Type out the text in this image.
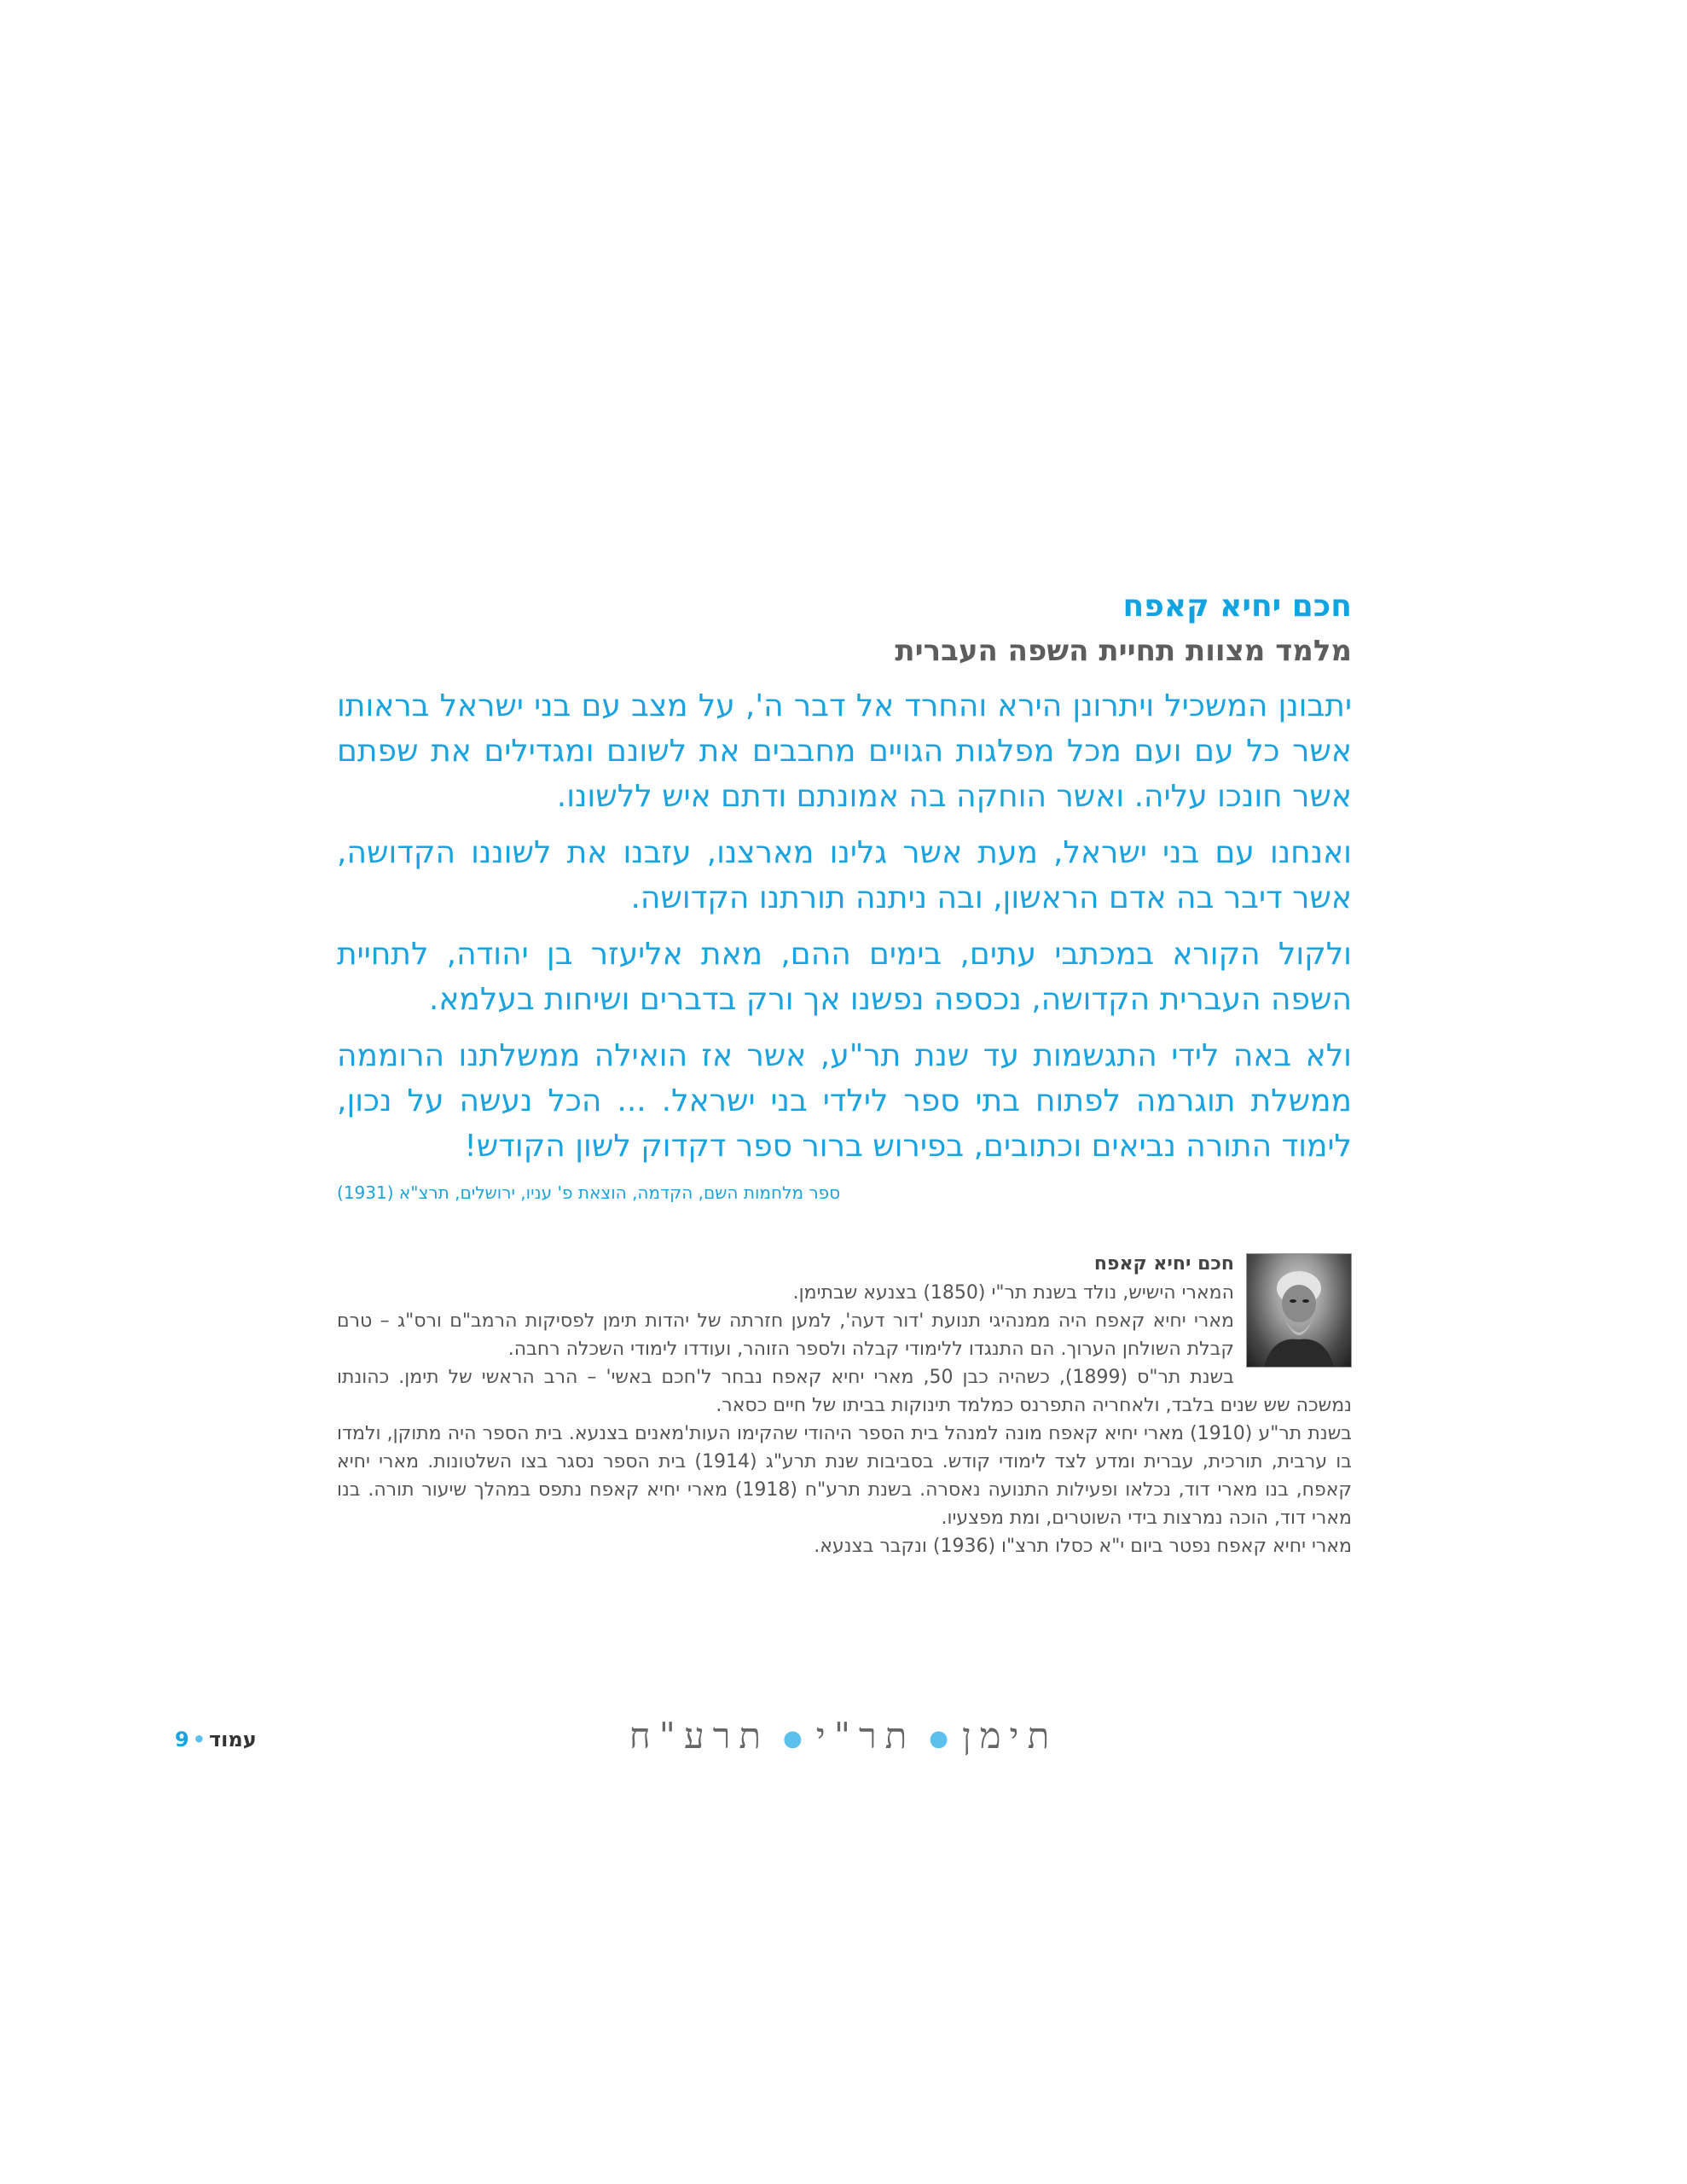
חכם יחיא קאפח
מלמד מצוות תחיית השפה העברית

יתבונן המשכיל ויתרונן הירא והחרד אל דבר ה', על מצב עם בני ישראל בראותו אשר כל עם ועם מכל מפלגות הגויים מחבבים את לשונם ומגדילים את שפתם אשר חונכו עליה. ואשר הוחקה בה אמונתם ודתם איש ללשונו.

ואנחנו עם בני ישראל, מעת אשר גלינו מארצנו, עזבנו את לשוננו הקדושה, אשר דיבר בה אדם הראשון, ובה ניתנה תורתנו הקדושה.

ולקול הקורא במכתבי עתים, בימים ההם, מאת אליעזר בן יהודה, לתחיית השפה העברית הקדושה, נכספה נפשנו אך ורק בדברים ושיחות בעלמא.

ולא באה לידי התגשמות עד שנת תר"ע, אשר אז הואילה ממשלתנו הרוממה ממשלת תוגרמה לפתוח בתי ספר לילדי בני ישראל. ... הכל נעשה על נכון, לימוד התורה נביאים וכתובים, בפירוש ברור ספר דקדוק לשון הקודש!

ספר מלחמות השם, הקדמה, הוצאת פ' עניו, ירושלים, תרצ"א (1931)
חכם יחיא קאפח

המארי הישיש, נולד בשנת תר"י (1850) בצנעא שבתימן.

מארי יחיא קאפח היה ממנהיגי תנועת 'דור דעה', למען חזרתה של יהדות תימן לפסיקות הרמב"ם ורס"ג – טרם קבלת השולחן הערוך. הם התנגדו ללימודי קבלה ולספר הזוהר, ועודדו לימודי השכלה רחבה.

בשנת תר"ס (1899), כשהיה כבן 50, מארי יחיא קאפח נבחר ל'חכם באשי' – הרב הראשי של תימן. כהונתו נמשכה שש שנים בלבד, ולאחריה התפרנס כמלמד תינוקות בביתו של חיים כסאר.

בשנת תר"ע (1910) מארי יחיא קאפח מונה למנהל בית הספר היהודי שהקימו העות'מאנים בצנעא. בית הספר היה מתוקן, ולמדו בו ערבית, תורכית, עברית ומדע לצד לימודי קודש. בסביבות שנת תרע"ג (1914) בית הספר נסגר בצו השלטונות. מארי יחיא קאפח, בנו מארי דוד, נכלאו ופעילות התנועה נאסרה. בשנת תרע"ח (1918) מארי יחיא קאפח נתפס במהלך שיעור תורה. בנו מארי דוד, הוכה נמרצות בידי השוטרים, ומת מפצעיו.

מארי יחיא קאפח נפטר ביום י"א כסלו תרצ"ו (1936) ונקבר בצנעא.

תימן●תר"י●תרע"ח
עמוד•9
